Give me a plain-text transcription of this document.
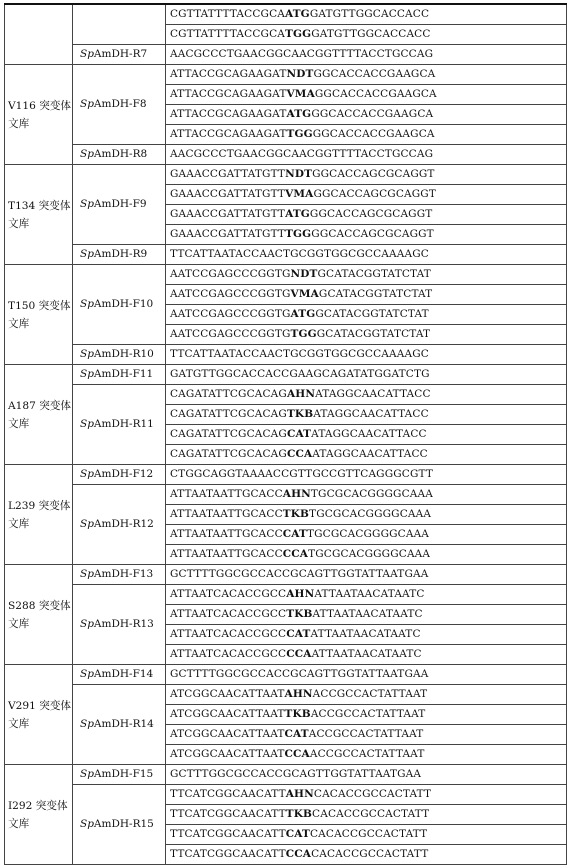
		CGTTATTTTACCGCAATGGATGTTGGCACCACC
		CGTTATTTTACCGCATGGGATGTTGGCACCACC
	SpAmDH-R7	AACGCCCTGAACGGCAACGGTTTTACCTGCCAG
V116 突变体文库	SpAmDH-F8	ATTACCGCAGAAGATNDTGGCACCACCGAAGCA
		ATTACCGCAGAAGATVMAGGCACCACCGAAGCA
		ATTACCGCAGAAGATATGGGCACCACCGAAGCA
		ATTACCGCAGAAGATTGGGGCACCACCGAAGCA
	SpAmDH-R8	AACGCCCTGAACGGCAACGGTTTTACCTGCCAG
T134 突变体文库	SpAmDH-F9	GAAACCGATTATGTTNDTGGCACCAGCGCAGGT
		GAAACCGATTATGTTVMAGGCACCAGCGCAGGT
		GAAACCGATTATGTTATGGGCACCAGCGCAGGT
		GAAACCGATTATGTTTGGGGCACCAGCGCAGGT
	SpAmDH-R9	TTCATTAATACCAACTGCGGTGGCGCCAAAAGC
T150 突变体文库	SpAmDH-F10	AATCCGAGCCCGGTGNDTGCATACGGTATCTAT
		AATCCGAGCCCGGTGVMAGCATACGGTATCTAT
		AATCCGAGCCCGGTGATGGCATACGGTATCTAT
		AATCCGAGCCCGGTGTGGGCATACGGTATCTAT
	SpAmDH-R10	TTCATTAATACCAACTGCGGTGGCGCCAAAAGC
A187 突变体文库	SpAmDH-F11	GATGTTGGCACCACCGAAGCAGATATGGATCTG
	SpAmDH-R11	CAGATATTCGCACAGAHNATAGGCAACATTACC
		CAGATATTCGCACAGTKBATAGGCAACATTACC
		CAGATATTCGCACAGCATATAGGCAACATTACC
		CAGATATTCGCACAGCCAATAGGCAACATTACC
L239 突变体文库	SpAmDH-F12	CTGGCAGGTAAAACCGTTGCCGTTCAGGGCGTT
	SpAmDH-R12	ATTAATAATTGCACCAHNTGCGCACGGGGCAAA
		ATTAATAATTGCACCTKBTGCGCACGGGGCAAA
		ATTAATAATTGCACCCATTGCGCACGGGGCAAA
		ATTAATAATTGCACCCCATGCGCACGGGGCAAA
S288 突变体文库	SpAmDH-F13	GCTTTTGGCGCCACCGCAGTTGGTATTAATGAA
	SpAmDH-R13	ATTAATCACACCGCCAHNATTAATAACATAATC
		ATTAATCACACCGCCTKBATTAATAACATAATC
		ATTAATCACACCGCCCATATTAATAACATAATC
		ATTAATCACACCGCCCCAATTAATAACATAATC
V291 突变体文库	SpAmDH-F14	GCTTTTGGCGCCACCGCAGTTGGTATTAATGAA
	SpAmDH-R14	ATCGGCAACATTAATAHNACCGCCACTATTAAT
		ATCGGCAACATTAATTKBACCGCCACTATTAAT
		ATCGGCAACATTAATCATACCGCCACTATTAAT
		ATCGGCAACATTAATCCAACCGCCACTATTAAT
I292 突变体文库	SpAmDH-F15	GCTTTGGCGCCACCGCAGTTGGTATTAATGAA
	SpAmDH-R15	TTCATCGGCAACATTAHNCACACCGCCACTATT
		TTCATCGGCAACATTTKBCACACCGCCACTATT
		TTCATCGGCAACATTCATCACACCGCCACTATT
		TTCATCGGCAACATTCCACACACCGCCACTATT
